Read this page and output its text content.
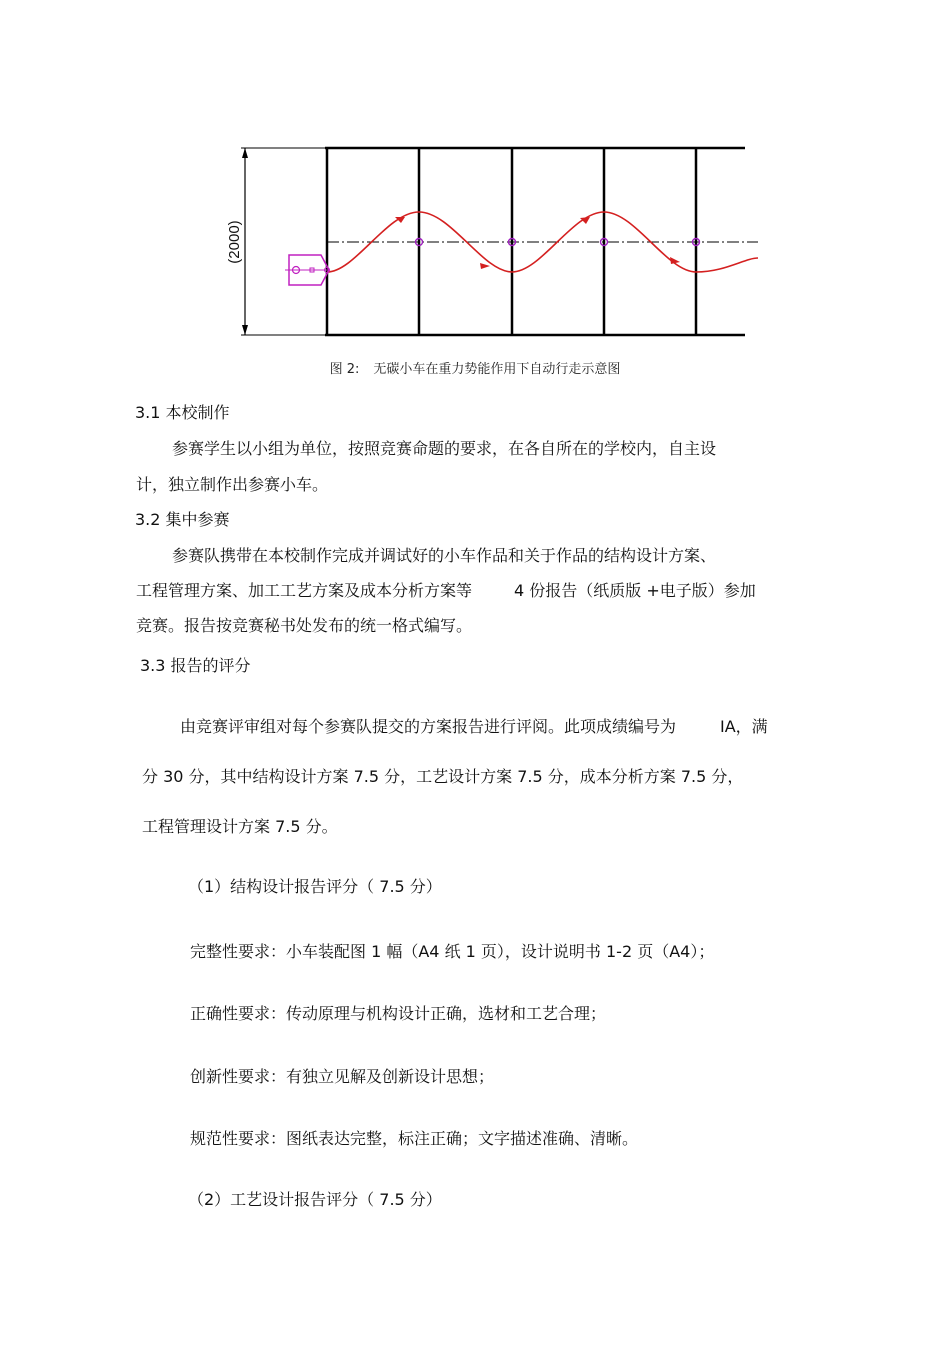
(2000)
图 2: 无碳小车在重力势能作用下自动行走示意图
3.1 本校制作
参赛学生以小组为单位，按照竞赛命题的要求，在各自所在的学校内，自主设
计，独立制作出参赛小车。
3.2 集中参赛
参赛队携带在本校制作完成并调试好的小车作品和关于作品的结构设计方案、
工程管理方案、加工工艺方案及成本分析方案等	4 份报告（纸质版 +电子版）参加
竞赛。报告按竞赛秘书处发布的统一格式编写。
3.3 报告的评分
由竞赛评审组对每个参赛队提交的方案报告进行评阅。此项成绩编号为	IA，满
分 30 分，其中结构设计方案 7.5 分，工艺设计方案 7.5 分，成本分析方案 7.5 分，
工程管理设计方案 7.5 分。
（1）结构设计报告评分（ 7.5 分）
完整性要求：小车装配图 1 幅（A4 纸 1 页），设计说明书 1-2 页（A4）；
正确性要求：传动原理与机构设计正确，选材和工艺合理；
创新性要求：有独立见解及创新设计思想；
规范性要求：图纸表达完整，标注正确；文字描述准确、清晰。
（2）工艺设计报告评分（ 7.5 分）
